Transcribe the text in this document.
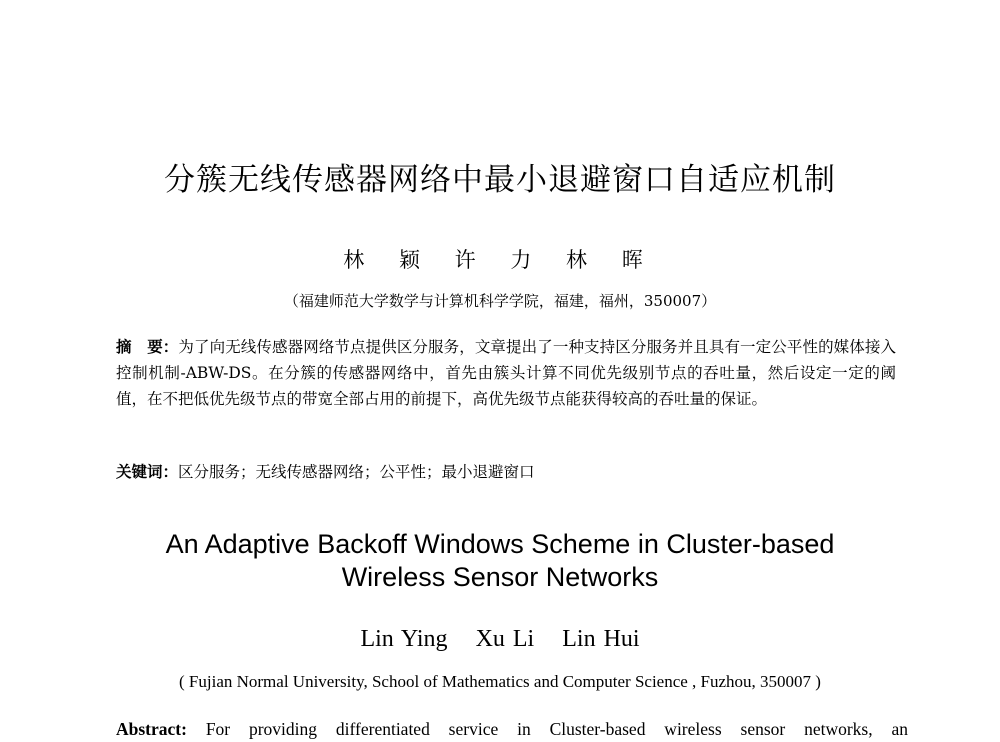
分簇无线传感器网络中最小退避窗口自适应机制
林 颖 许 力 林 晖
（福建师范大学数学与计算机科学学院，福建，福州，350007）
摘　要：为了向无线传感器网络节点提供区分服务，文章提出了一种支持区分服务并且具有一定公平性的媒体接入控制机制-ABW-DS。在分簇的传感器网络中，首先由簇头计算不同优先级别节点的吞吐量，然后设定一定的阈值，在不把低优先级节点的带宽全部占用的前提下，高优先级节点能获得较高的吞吐量的保证。
关键词：区分服务；无线传感器网络；公平性；最小退避窗口
An Adaptive Backoff Windows Scheme in Cluster-based
Wireless Sensor Networks
Lin Ying Xu Li Lin Hui
( Fujian Normal University, School of Mathematics and Computer Science , Fuzhou, 350007 )
Abstract: For providing differentiated service in Cluster-based wireless sensor networks, an
